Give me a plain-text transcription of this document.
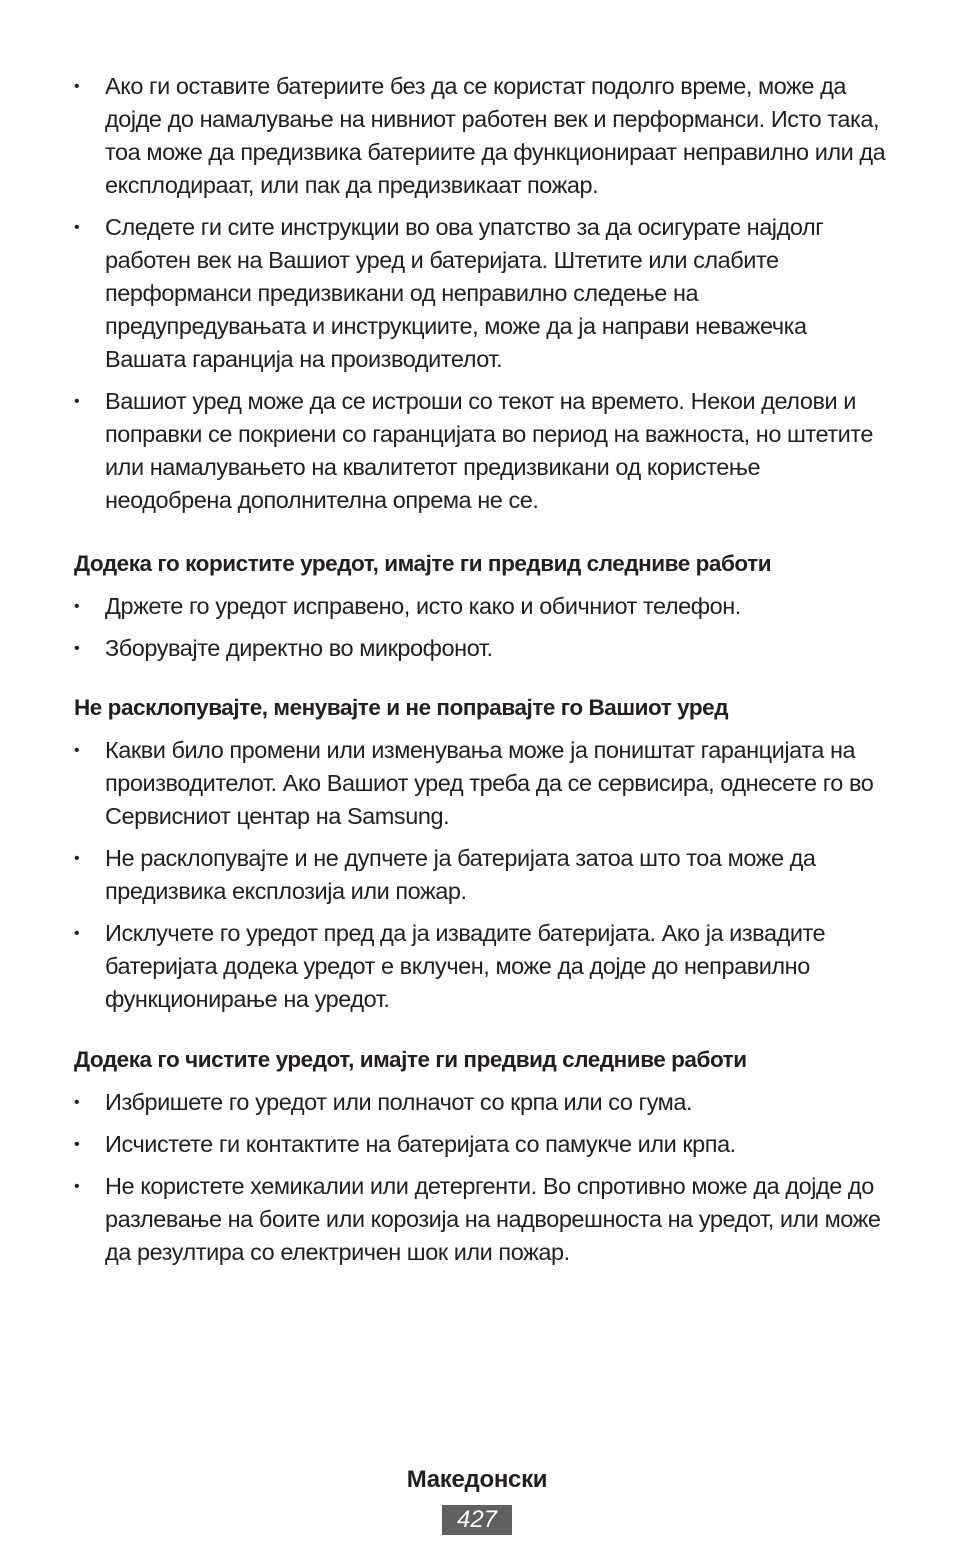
• Ако ги оставите батериите без да се користат подолго време, може да дојде до намалување на нивниот работен век и перформанси. Исто така, тоа може да предизвика батериите да функционираат неправилно или да експлодираат, или пак да предизвикаат пожар.
• Следете ги сите инструкции во ова упатство за да осигурате најдолг работен век на Вашиот уред и батеријата. Штетите или слабите перформанси предизвикани од неправилно следење на предупредувањата и инструкциите, може да ја направи неважечка Вашата гаранција на производителот.
• Вашиот уред може да се истроши со текот на времето. Некои делови и поправки се покриени со гаранцијата во период на важноста, но штетите или намалувањето на квалитетот предизвикани од користење неодобрена дополнителна опрема не се.
Додека го користите уредот, имајте ги предвид следниве работи
• Држете го уредот исправено, исто како и обичниот телефон.
• Зборувајте директно во микрофонот.
Не расклопувајте, менувајте и не поправајте го Вашиот уред
• Какви било промени или изменувања може ја поништат гаранцијата на производителот. Ако Вашиот уред треба да се сервисира, однесете го во Сервисниот центар на Samsung.
• Не расклопувајте и не дупчете ја батеријата затоа што тоа може да предизвика експлозија или пожар.
• Исклучете го уредот пред да ја извадите батеријата. Ако ја извадите батеријата додека уредот е вклучен, може да дојде до неправилно функционирање на уредот.
Додека го чистите уредот, имајте ги предвид следниве работи
• Избришете го уредот или полначот со крпа или со гума.
• Исчистете ги контактите на батеријата со памукче или крпа.
• Не користете хемикалии или детергенти. Во спротивно може да дојде до разлевање на боите или корозија на надворешноста на уредот, или може да резултира со електричен шок или пожар.
Македонски
427
